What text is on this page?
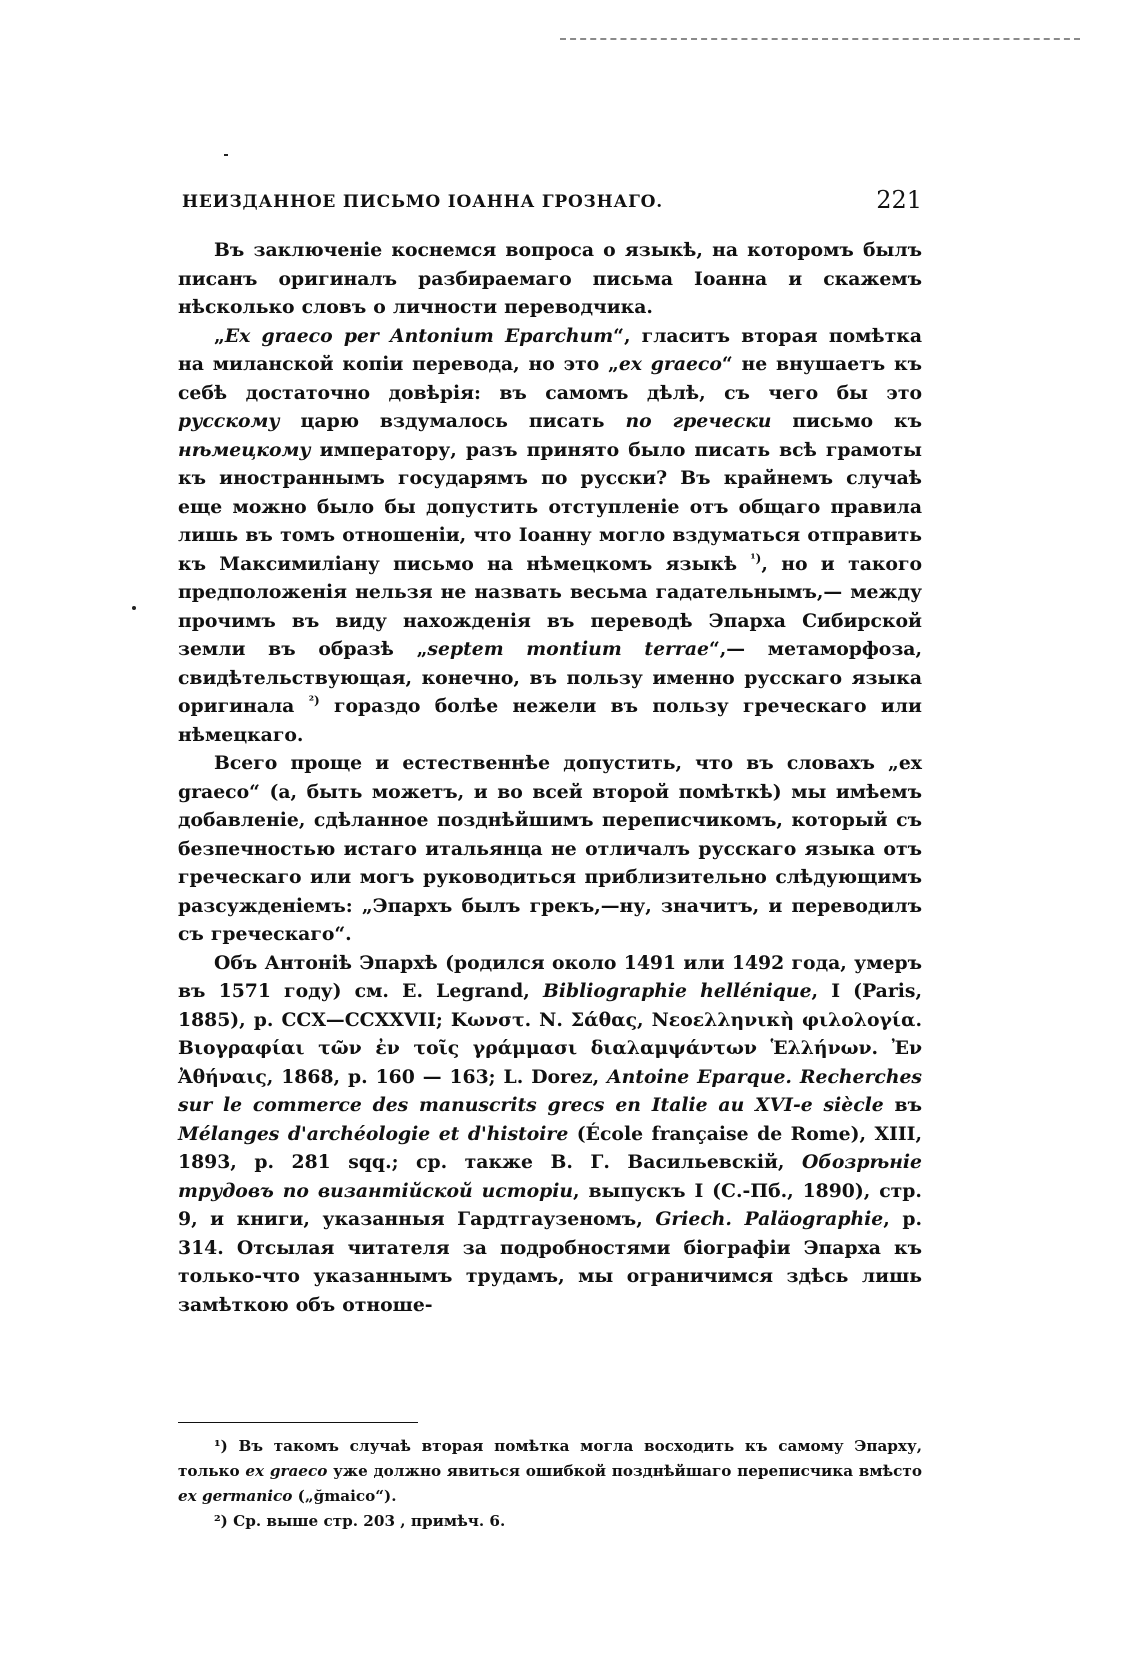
НЕИЗДАННОЕ ПИСЬМО ІОАННА ГРОЗНАГО.	221
Въ заключеніе коснемся вопроса о языкѣ, на которомъ былъ писанъ оригиналъ разбираемаго письма Іоанна и скажемъ нѣсколько словъ о личности переводчика.
„Ex graeco per Antonium Eparchum“, гласитъ вторая помѣтка на миланской копіи перевода, но это „ex graeco“ не внушаетъ къ себѣ достаточно довѣрія: въ самомъ дѣлѣ, съ чего бы это русскому царю вздумалось писать по гречески письмо къ нѣмецкому императору, разъ принято было писать всѣ грамоты къ иностраннымъ государямъ по русски? Въ крайнемъ случаѣ еще можно было бы допустить отступленіе отъ общаго правила лишь въ томъ отношеніи, что Іоанну могло вздуматься отправить къ Максимиліану письмо на нѣмецкомъ языкѣ $^{^1)}$, но и такого предположенія нельзя не назвать весьма гадательнымъ,— между прочимъ въ виду нахожденія въ переводѣ Эпарха Сибирской земли въ образѣ „septem montium terrae“,— метаморфоза, свидѣтельствующая, конечно, въ пользу именно русскаго языка оригинала $^{^2)}$ гораздо болѣе нежели въ пользу греческаго или нѣмецкаго.
Всего проще и естественнѣе допустить, что въ словахъ „ex graeco“ (а, быть можетъ, и во всей второй помѣткѣ) мы имѣемъ добавленіе, сдѣланное позднѣйшимъ переписчикомъ, который съ безпечностью истаго итальянца не отличалъ русскаго языка отъ греческаго или могъ руководиться приблизительно слѣдующимъ разсужденіемъ: „Эпархъ былъ грекъ,—ну, значитъ, и переводилъ съ греческаго“.
Объ Антоніѣ Эпархѣ (родился около 1491 или 1492 года, умеръ въ 1571 году) см. E. Legrand, Bibliographie hellénique, I (Paris, 1885), p. CCX—CCXXVII; Κωνστ. Ν. Σάθας, Νεοελληνικὴ φιλολογία. Βιογραφίαι τῶν ἐν τοῖς γράμμασι διαλαμψάντων Ἑλλήνων. Ἐν Ἀθήναις, 1868, p. 160 — 163; L. Dorez, Antoine Eparque. Recherches sur le commerce des manuscrits grecs en Italie au XVI-e siècle въ Mélanges d'archéologie et d'histoire (École française de Rome), XIII, 1893, p. 281 sqq.; ср. также В. Г. Васильевскій, Обозрѣніе трудовъ по византійской исторіи, выпускъ I (С.-Пб., 1890), стр. 9, и книги, указанныя Гардтгаузеномъ, Griech. Paläographie, p. 314. Отсылая читателя за подробностями біографіи Эпарха къ только-что указаннымъ трудамъ, мы ограничимся здѣсь лишь замѣткою объ отноше-
¹) Въ такомъ случаѣ вторая помѣтка могла восходить къ самому Эпарху, только ex graeco уже должно явиться ошибкой позднѣйшаго переписчика вмѣсто ex germanico („ğmaico“).
²) Ср. выше стр. 203 , примѣч. 6.
